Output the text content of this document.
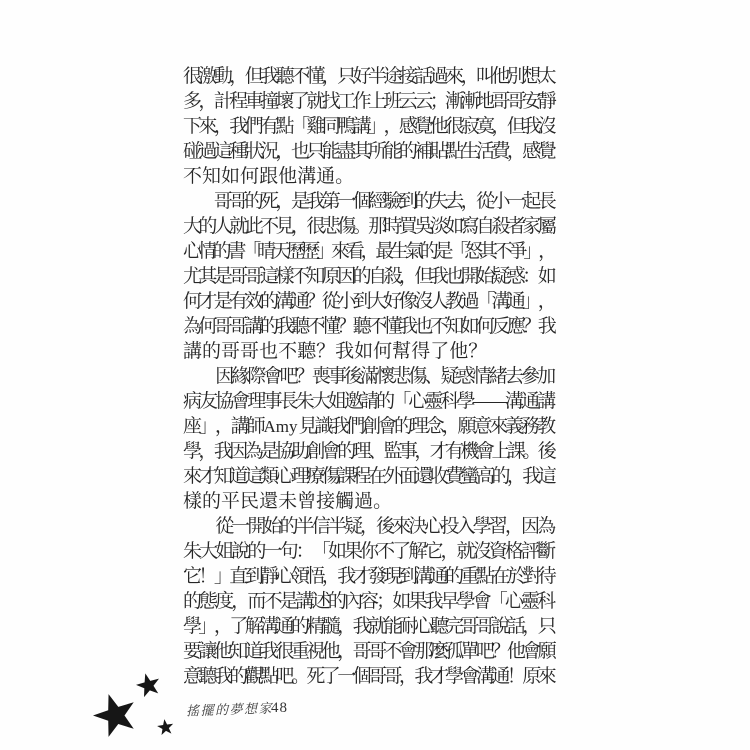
很
激
動
，
但
我
聽
不
懂
，
只
好
半
途
接
話
過
來
，
叫
他
別
想
太
多
，
計
程
車
撞
壞
了
就
找
工
作
上
班
云
云
；
漸
漸
地
哥
哥
安
靜
下
來
，
我
們
有
點
「
雞
同
鴨
講
」
，
感
覺
他
很
寂
寞
，
但
我
沒
碰
過
這
種
狀
況
，
也
只
能
盡
其
所
能
的
補
貼
點
生
活
費
，
感
覺
不 知 如 何 跟 他 溝 通 。

哥
哥
的
死
，
是
我
第
一
個
經
驗
到
的
失
去
，
從
小
一
起
長
大
的
人
就
此
不
見
，
很
悲
傷
。
那
時
買
吳
淡
如
寫
自
殺
者
家
屬
心
情
的
書
「
晴
天
歷
歷
」
來
看
，
最
生
氣
的
是
「
怒
其
不
爭
」
，
尤
其
是
哥
哥
這
樣
不
知
原
因
的
自
殺
，
但
我
也
開
始
疑
惑
：
如
何
才
是
有
效
的
溝
通
？
從
小
到
大
好
像
沒
人
教
過
「
溝
通
」
，
為
何
哥
哥
講
的
我
聽
不
懂
？
聽
不
懂
我
也
不
知
如
何
反
應
？
我
講 的 哥 哥 也 不 聽 ？ 我 如 何 幫 得 了 他 ？

因
緣
際
會
吧
？
喪
事
後
滿
懷
悲
傷
、
疑
惑
情
緒
去
參
加
病
友
協
會
理
事
長
朱
大
姐
邀
請
的
「
心
靈
科
學
—
—
溝
通
講
座
」
，
講
師
Amy 見
識
我
們
創
會
的
理
念
，
願
意
來
義
務
教
學
，
我
因
為
是
協
助
創
會
的
理
、
監
事
，
才
有
機
會
上
課
。
後
來
才
知
道
這
類
心
理
療
傷
課
程
在
外
面
還
收
費
蠻
高
的
，
我
這
樣 的 平 民 還 未 曾 接 觸 過 。

從
一
開
始
的
半
信
半
疑
，
後
來
決
心
投
入
學
習
，
因
為
朱
大
姐
說
的
一
句
：
「
如
果
你
不
了
解
它
，
就
沒
資
格
評
斷
它
！
」
直
到
靜
心
領
悟
，
我
才
發
現
到
溝
通
的
重
點
在
於
對
待
的
態
度
，
而
不
是
講
述
的
內
容
；
如
果
我
早
學
會
「
心
靈
科
學
」
，
了
解
溝
通
的
精
髓
，
我
就
能
耐
心
聽
完
哥
哥
說
話
，
只
要
讓
他
知
道
我
很
重
視
他
，
哥
哥
不
會
那
麼
孤
單
吧
？
他
會
願
意
聽
我
的
觀
點
吧
。
死
了
一
個
哥
哥
，
我
才
學
會
溝
通
！
原
來
搖擺的夢想家
48
